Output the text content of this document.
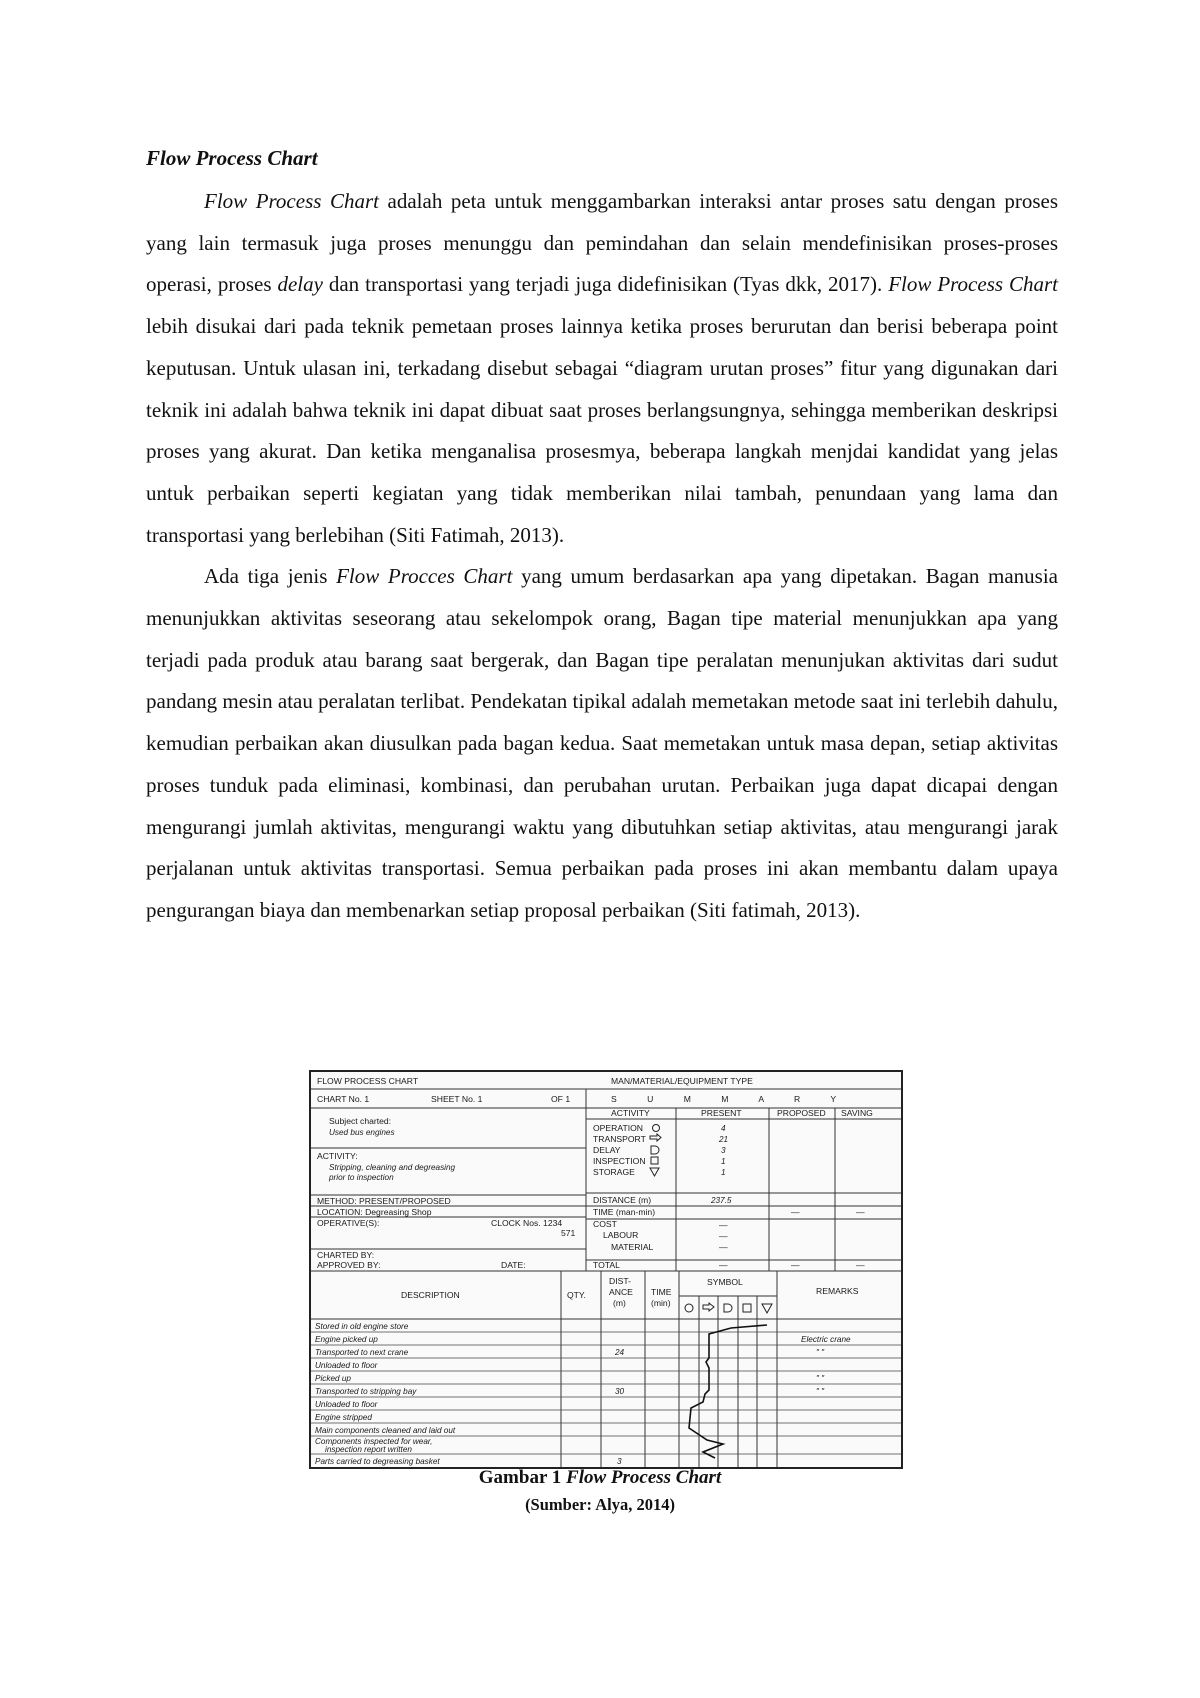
Flow Process Chart

Flow Process Chart adalah peta untuk menggambarkan interaksi antar proses satu dengan proses yang lain termasuk juga proses menunggu dan pemindahan dan selain mendefinisikan proses-proses operasi, proses delay dan transportasi yang terjadi juga didefinisikan (Tyas dkk, 2017). Flow Process Chart lebih disukai dari pada teknik pemetaan proses lainnya ketika proses berurutan dan berisi beberapa point keputusan. Untuk ulasan ini, terkadang disebut sebagai “diagram urutan proses” fitur yang digunakan dari teknik ini adalah bahwa teknik ini dapat dibuat saat proses berlangsungnya, sehingga memberikan deskripsi proses yang akurat. Dan ketika menganalisa prosesmya, beberapa langkah menjdai kandidat yang jelas untuk perbaikan seperti kegiatan yang tidak memberikan nilai tambah, penundaan yang lama dan transportasi yang berlebihan (Siti Fatimah, 2013).

Ada tiga jenis Flow Procces Chart yang umum berdasarkan apa yang dipetakan. Bagan manusia menunjukkan aktivitas seseorang atau sekelompok orang, Bagan tipe material menunjukkan apa yang terjadi pada produk atau barang saat bergerak, dan Bagan tipe peralatan menunjukan aktivitas dari sudut pandang mesin atau peralatan terlibat. Pendekatan tipikal adalah memetakan metode saat ini terlebih dahulu, kemudian perbaikan akan diusulkan pada bagan kedua. Saat memetakan untuk masa depan, setiap aktivitas proses tunduk pada eliminasi, kombinasi, dan perubahan urutan. Perbaikan juga dapat dicapai dengan mengurangi jumlah aktivitas, mengurangi waktu yang dibutuhkan setiap aktivitas, atau mengurangi jarak perjalanan untuk aktivitas transportasi. Semua perbaikan pada proses ini akan membantu dalam upaya pengurangan biaya dan membenarkan setiap proposal perbaikan (Siti fatimah, 2013).

FLOW PROCESS CHART	MAN/MATERIAL/EQUIPMENT TYPE
CHART No. 1	SHEET No. 1	OF 1	S U M M A R Y
Subject charted:
Used bus engines
ACTIVITY:
Stripping, cleaning and degreasing
prior to inspection
METHOD: PRESENT/PROPOSED
LOCATION: Degreasing Shop
OPERATIVE(S):	CLOCK Nos. 1234
571
CHARTED BY:
APPROVED BY:	DATE:
ACTIVITY	PRESENT	PROPOSED SAVING
OPERATION	4
TRANSPORT	21
DELAY	3
INSPECTION	1
STORAGE	1
DISTANCE (m)	237.5
TIME (man-min)	—	—
COST	—
LABOUR	—
MATERIAL	—
TOTAL	—	—	—
DESCRIPTION	QTY.
DIST-
ANCE
(m)
TIME
(min)
SYMBOL
REMARKS
Stored in old engine store
Engine picked up	Electric crane
Transported to next crane	24	" "
Unloaded to floor
Picked up	" "
Transported to stripping bay	30	" "
Unloaded to floor
Engine stripped
Main components cleaned and laid out
Components inspected for wear,
inspection report written
Parts carried to degreasing basket	3
Gambar 1 Flow Process Chart
(Sumber: Alya, 2014)
